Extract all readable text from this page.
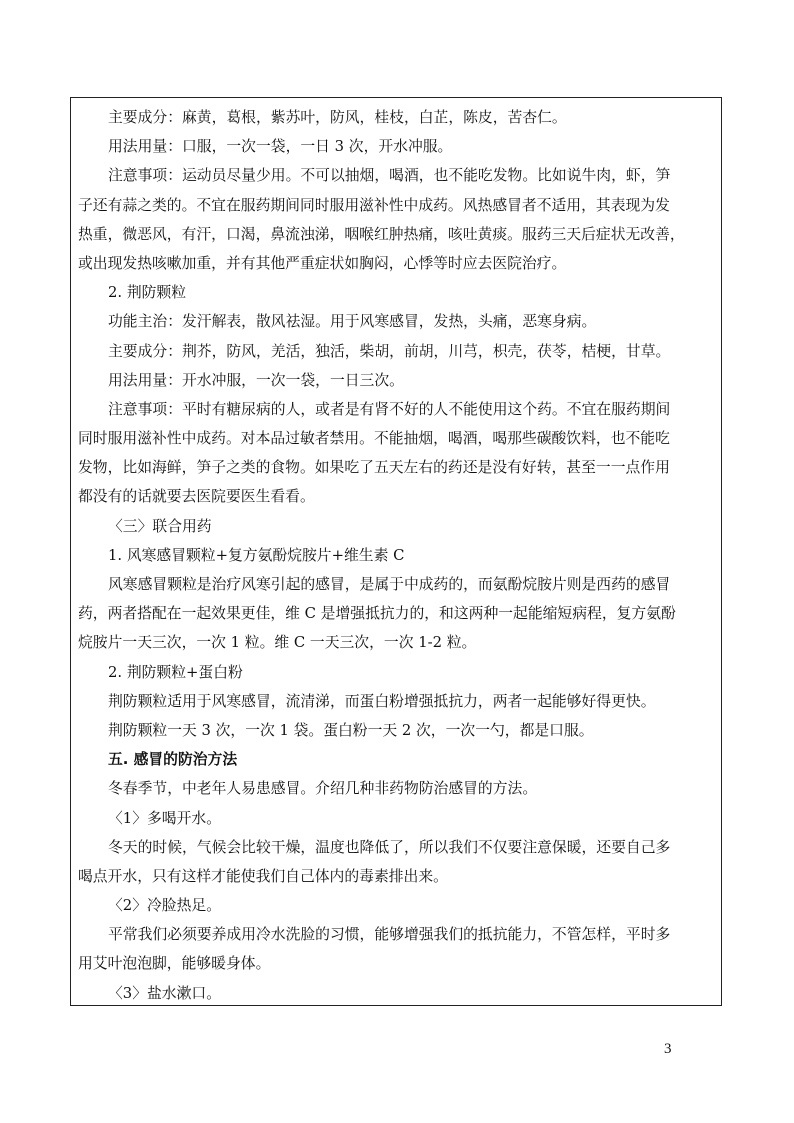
主要成分：麻黄，葛根，紫苏叶，防风，桂枝，白芷，陈皮，苦杏仁。
用法用量：口服，一次一袋，一日 3 次，开水冲服。
注意事项：运动员尽量少用。不可以抽烟，喝酒，也不能吃发物。比如说牛肉，虾，笋
子还有蒜之类的。不宜在服药期间同时服用滋补性中成药。风热感冒者不适用，其表现为发
热重，微恶风，有汗，口渴，鼻流浊涕，咽喉红肿热痛，咳吐黄痰。服药三天后症状无改善，
或出现发热咳嗽加重，并有其他严重症状如胸闷，心悸等时应去医院治疗。
2. 荆防颗粒
功能主治：发汗解表，散风祛湿。用于风寒感冒，发热，头痛，恶寒身病。
主要成分：荆芥，防风，羌活，独活，柴胡，前胡，川芎，枳壳，茯苓，桔梗，甘草。
用法用量：开水冲服，一次一袋，一日三次。
注意事项：平时有糖尿病的人，或者是有肾不好的人不能使用这个药。不宜在服药期间
同时服用滋补性中成药。对本品过敏者禁用。不能抽烟，喝酒，喝那些碳酸饮料，也不能吃
发物，比如海鲜，笋子之类的食物。如果吃了五天左右的药还是没有好转，甚至一一点作用
都没有的话就要去医院要医生看看。
〈三〉联合用药
1. 风寒感冒颗粒+复方氨酚烷胺片+维生素 C
风寒感冒颗粒是治疗风寒引起的感冒，是属于中成药的，而氨酚烷胺片则是西药的感冒
药，两者搭配在一起效果更佳，维 C 是增强抵抗力的，和这两种一起能缩短病程，复方氨酚
烷胺片一天三次，一次 1 粒。维 C 一天三次，一次 1-2 粒。
2. 荆防颗粒+蛋白粉
荆防颗粒适用于风寒感冒，流清涕，而蛋白粉增强抵抗力，两者一起能够好得更快。
荆防颗粒一天 3 次，一次 1 袋。蛋白粉一天 2 次，一次一勺，都是口服。
五. 感冒的防治方法
冬春季节，中老年人易患感冒。介绍几种非药物防治感冒的方法。
〈1〉多喝开水。
冬天的时候，气候会比较干燥，温度也降低了，所以我们不仅要注意保暖，还要自己多
喝点开水，只有这样才能使我们自己体内的毒素排出来。
〈2〉冷脸热足。
平常我们必须要养成用冷水洗脸的习惯，能够增强我们的抵抗能力，不管怎样，平时多
用艾叶泡泡脚，能够暖身体。
〈3〉盐水漱口。
3
